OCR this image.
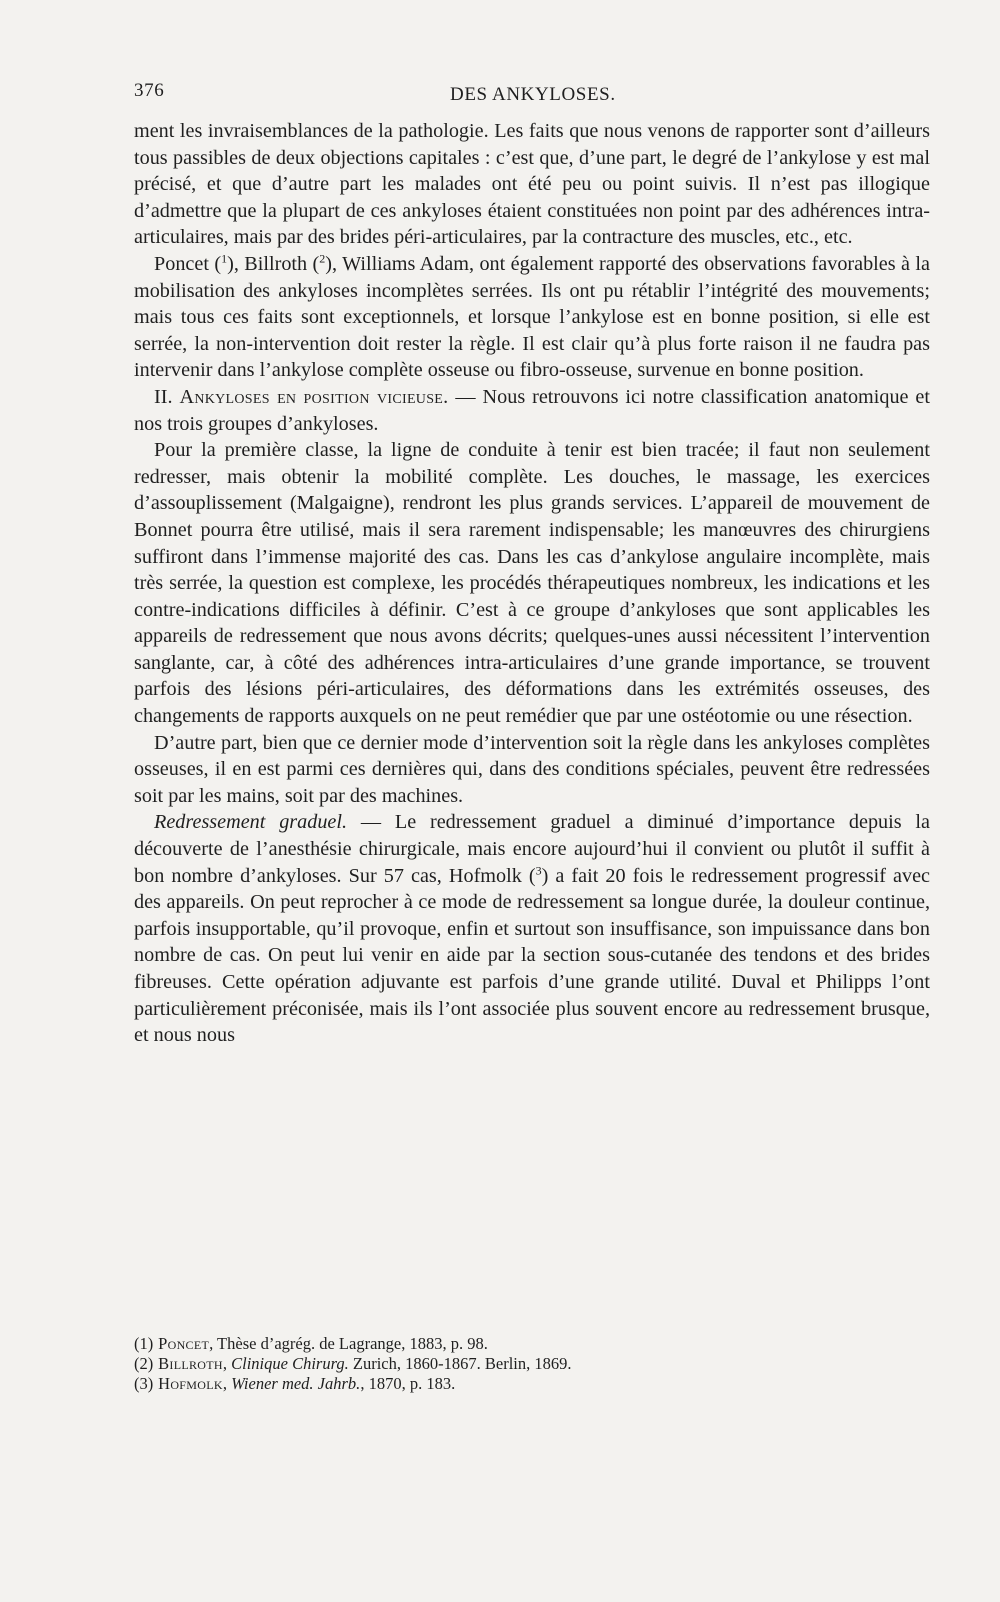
376	DES ANKYLOSES.

ment les invraisemblances de la pathologie. Les faits que nous venons de rapporter sont d’ailleurs tous passibles de deux objections capitales : c’est que, d’une part, le degré de l’ankylose y est mal précisé, et que d’autre part les malades ont été peu ou point suivis. Il n’est pas illogique d’admettre que la plupart de ces ankyloses étaient constituées non point par des adhérences intra-articulaires, mais par des brides péri-articulaires, par la contracture des muscles, etc., etc.

Poncet ($^1$), Billroth ($^2$), Williams Adam, ont également rapporté des observations favorables à la mobilisation des ankyloses incomplètes serrées. Ils ont pu rétablir l’intégrité des mouvements; mais tous ces faits sont exceptionnels, et lorsque l’ankylose est en bonne position, si elle est serrée, la non-intervention doit rester la règle. Il est clair qu’à plus forte raison il ne faudra pas intervenir dans l’ankylose complète osseuse ou fibro-osseuse, survenue en bonne position.

II. Ankyloses en position vicieuse. — Nous retrouvons ici notre classification anatomique et nos trois groupes d’ankyloses.

Pour la première classe, la ligne de conduite à tenir est bien tracée; il faut non seulement redresser, mais obtenir la mobilité complète. Les douches, le massage, les exercices d’assouplissement (Malgaigne), rendront les plus grands services. L’appareil de mouvement de Bonnet pourra être utilisé, mais il sera rarement indispensable; les manœuvres des chirurgiens suffiront dans l’immense majorité des cas. Dans les cas d’ankylose angulaire incomplète, mais très serrée, la question est complexe, les procédés thérapeutiques nombreux, les indications et les contre-indications difficiles à définir. C’est à ce groupe d’ankyloses que sont applicables les appareils de redressement que nous avons décrits; quelques-unes aussi nécessitent l’intervention sanglante, car, à côté des adhérences intra-articulaires d’une grande importance, se trouvent parfois des lésions péri-articulaires, des déformations dans les extrémités osseuses, des changements de rapports auxquels on ne peut remédier que par une ostéotomie ou une résection.

D’autre part, bien que ce dernier mode d’intervention soit la règle dans les ankyloses complètes osseuses, il en est parmi ces dernières qui, dans des conditions spéciales, peuvent être redressées soit par les mains, soit par des machines.

Redressement graduel. — Le redressement graduel a diminué d’importance depuis la découverte de l’anesthésie chirurgicale, mais encore aujourd’hui il convient ou plutôt il suffit à bon nombre d’ankyloses. Sur 57 cas, Hofmolk ($^3$) a fait 20 fois le redressement progressif avec des appareils. On peut reprocher à ce mode de redressement sa longue durée, la douleur continue, parfois insupportable, qu’il provoque, enfin et surtout son insuffisance, son impuissance dans bon nombre de cas. On peut lui venir en aide par la section sous-cutanée des tendons et des brides fibreuses. Cette opération adjuvante est parfois d’une grande utilité. Duval et Philipps l’ont particulièrement préconisée, mais ils l’ont associée plus souvent encore au redressement brusque, et nous nous

(1) Poncet, Thèse d’agrég. de Lagrange, 1883, p. 98.

(2) Billroth, Clinique Chirurg. Zurich, 1860-1867. Berlin, 1869.

(3) Hofmolk, Wiener med. Jahrb., 1870, p. 183.
